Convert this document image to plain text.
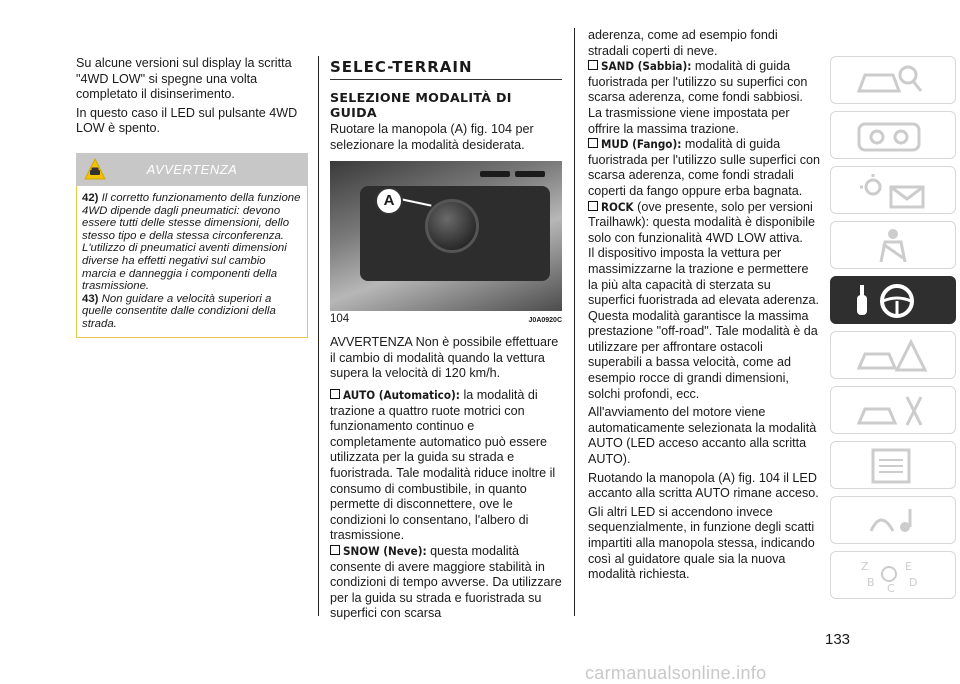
Su alcune versioni sul display la scritta "4WD LOW" si spegne una volta completato il disinserimento.

In questo caso il LED sul pulsante 4WD LOW è spento.

AVVERTENZA

42) Il corretto funzionamento della funzione 4WD dipende dagli pneumatici: devono essere tutti delle stesse dimensioni, dello stesso tipo e della stessa circonferenza. L'utilizzo di pneumatici aventi dimensioni diverse ha effetti negativi sul cambio marcia e danneggia i componenti della trasmissione.

43) Non guidare a velocità superiori a quelle consentite dalle condizioni della strada.

SELEC-TERRAIN
SELEZIONE MODALITÀ DI GUIDA

Ruotare la manopola (A) fig. 104 per selezionare la modalità desiderata.

A
104	J0A0920C

AVVERTENZA Non è possibile effettuare il cambio di modalità quando la vettura supera la velocità di 120 km/h.

AUTO (Automatico): la modalità di trazione a quattro ruote motrici con funzionamento continuo e completamente automatico può essere utilizzata per la guida su strada e fuoristrada. Tale modalità riduce inoltre il consumo di combustibile, in quanto permette di disconnettere, ove le condizioni lo consentano, l'albero di trasmissione.

SNOW (Neve): questa modalità consente di avere maggiore stabilità in condizioni di tempo avverse. Da utilizzare per la guida su strada e fuoristrada su superfici con scarsa

aderenza, come ad esempio fondi stradali coperti di neve.

SAND (Sabbia): modalità di guida fuoristrada per l'utilizzo su superfici con scarsa aderenza, come fondi sabbiosi. La trasmissione viene impostata per offrire la massima trazione.

MUD (Fango): modalità di guida fuoristrada per l'utilizzo sulle superfici con scarsa aderenza, come fondi stradali coperti da fango oppure erba bagnata.

ROCK (ove presente, solo per versioni Trailhawk): questa modalità è disponibile solo con funzionalità 4WD LOW attiva.

Il dispositivo imposta la vettura per massimizzarne la trazione e permettere la più alta capacità di sterzata su superfici fuoristrada ad elevata aderenza. Questa modalità garantisce la massima prestazione "off-road". Tale modalità è da utilizzare per affrontare ostacoli superabili a bassa velocità, come ad esempio rocce di grandi dimensioni, solchi profondi, ecc.

All'avviamento del motore viene automaticamente selezionata la modalità AUTO (LED acceso accanto alla scritta AUTO).

Ruotando la manopola (A) fig. 104 il LED accanto alla scritta AUTO rimane acceso.

Gli altri LED si accendono invece sequenzialmente, in funzione degli scatti impartiti alla manopola stessa, indicando così al guidatore quale sia la nuova modalità richiesta.

Z	E
B C D
133
carmanualsonline.info
